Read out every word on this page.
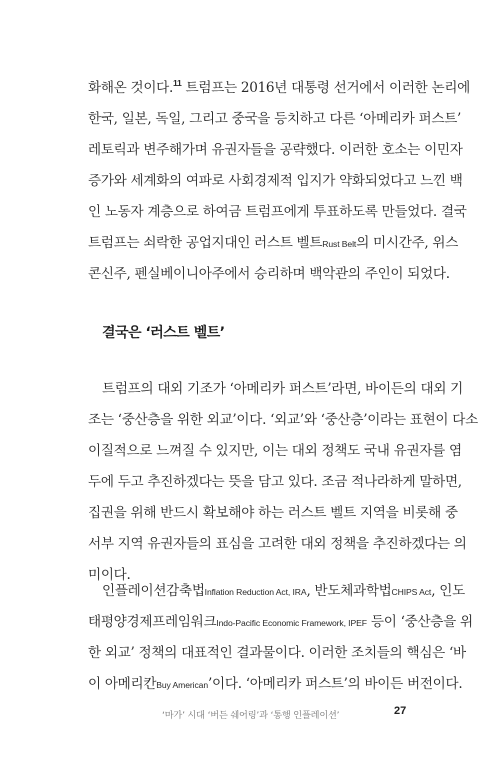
화해온 것이다.$^{11}$ 트럼프는 2016년 대통령 선거에서 이러한 논리에
한국, 일본, 독일, 그리고 중국을 등치하고 다른 ‘아메리카 퍼스트’
레토릭과 변주해가며 유권자들을 공략했다. 이러한 호소는 이민자
증가와 세계화의 여파로 사회경제적 입지가 약화되었다고 느낀 백
인 노동자 계층으로 하여금 트럼프에게 투표하도록 만들었다. 결국
트럼프는 쇠락한 공업지대인 러스트 벨트Rust Belt의 미시간주, 위스
콘신주, 펜실베이니아주에서 승리하며 백악관의 주인이 되었다.
결국은 ‘러스트 벨트’
트럼프의 대외 기조가 ‘아메리카 퍼스트’라면, 바이든의 대외 기
조는 ‘중산층을 위한 외교’이다. ‘외교’와 ‘중산층’이라는 표현이 다소
이질적으로 느껴질 수 있지만, 이는 대외 정책도 국내 유권자를 염
두에 두고 추진하겠다는 뜻을 담고 있다. 조금 적나라하게 말하면,
집권을 위해 반드시 확보해야 하는 러스트 벨트 지역을 비롯해 중
서부 지역 유권자들의 표심을 고려한 대외 정책을 추진하겠다는 의
미이다.
인플레이션감축법Inflation Reduction Act, IRA, 반도체과학법CHIPS Act, 인도
태평양경제프레임워크Indo-Pacific Economic Framework, IPEF 등이 ‘중산층을 위
한 외교’ 정책의 대표적인 결과물이다. 이러한 조치들의 핵심은 ‘바
이 아메리칸Buy American’이다. ‘아메리카 퍼스트’의 바이든 버전이다.
‘마가’ 시대 ‘버든 쉐어링’과 ‘통행 인플레이션’	27
